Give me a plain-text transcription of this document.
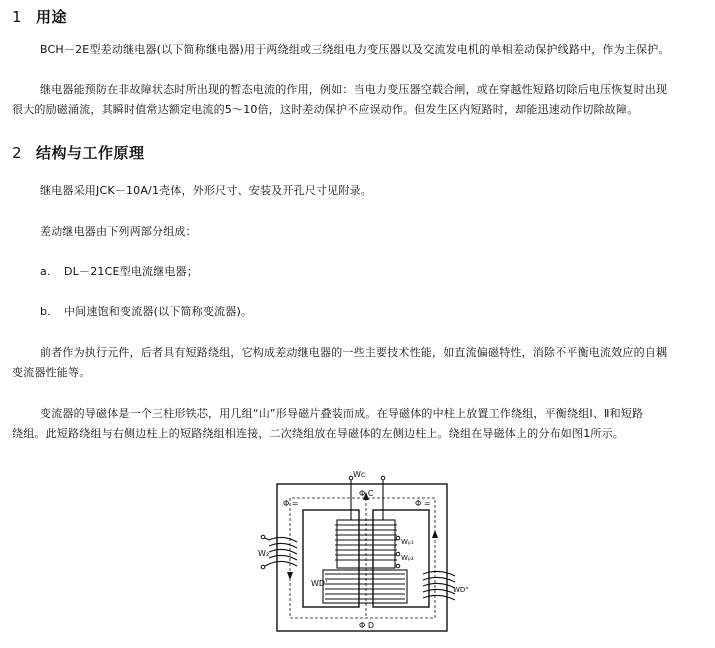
1 用途
BCH－2E型差动继电器(以下简称继电器)用于两绕组或三绕组电力变压器以及交流发电机的单相差动保护线路中，作为主保护。
继电器能预防在非故障状态时所出现的暂态电流的作用，例如：当电力变压器空载合闸，或在穿越性短路切除后电压恢复时出现
很大的励磁涌流，其瞬时值常达额定电流的5～10倍，这时差动保护不应误动作。但发生区内短路时，却能迅速动作切除故障。
2 结构与工作原理
继电器采用JCK－10A/1壳体，外形尺寸、安装及开孔尺寸见附录。
差动继电器由下列两部分组成：
a. DL－21CE型电流继电器；
b. 中间速饱和变流器(以下简称变流器)。
前者作为执行元件，后者具有短路绕组，它构成差动继电器的一些主要技术性能，如直流偏磁特性，消除不平衡电流效应的自耦
变流器性能等。
变流器的导磁体是一个三柱形铁芯，用几组“山”形导磁片叠装而成。在导磁体的中柱上放置工作绕组，平衡绕组Ⅰ、Ⅱ和短路
绕组。此短路绕组与右侧边柱上的短路绕组相连接，二次绕组放在导磁体的左侧边柱上。绕组在导磁体上的分布如图1所示。
Wc
Φ C
Φ =	Φ =
W₂
WD'
Wₚ₁
Wₚ₂
WD"
Φ D
